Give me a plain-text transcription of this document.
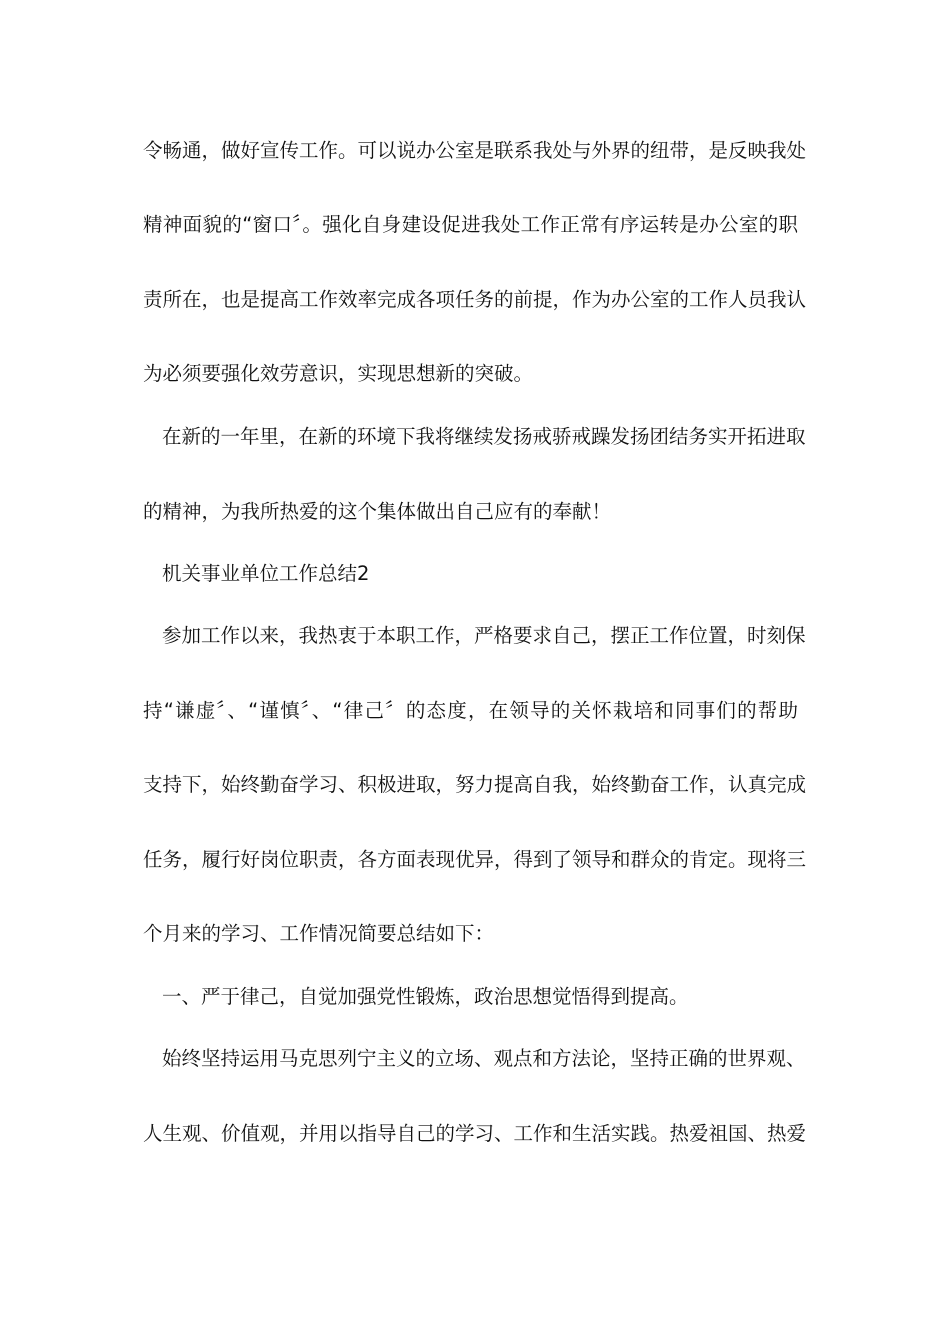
令畅通，做好宣传工作。可以说办公室是联系我处与外界的纽带，是反映我处
精神面貌的“窗口〞。强化自身建设促进我处工作正常有序运转是办公室的职
责所在，也是提高工作效率完成各项任务的前提，作为办公室的工作人员我认
为必须要强化效劳意识，实现思想新的突破。
在新的一年里，在新的环境下我将继续发扬戒骄戒躁发扬团结务实开拓进取
的精神，为我所热爱的这个集体做出自己应有的奉献！
机关事业单位工作总结2
参加工作以来，我热衷于本职工作，严格要求自己，摆正工作位置，时刻保
持“谦虚〞、“谨慎〞、“律己〞的态度，在领导的关怀栽培和同事们的帮助
支持下，始终勤奋学习、积极进取，努力提高自我，始终勤奋工作，认真完成
任务，履行好岗位职责，各方面表现优异，得到了领导和群众的肯定。现将三
个月来的学习、工作情况简要总结如下：
一、严于律己，自觉加强党性锻炼，政治思想觉悟得到提高。
始终坚持运用马克思列宁主义的立场、观点和方法论，坚持正确的世界观、
人生观、价值观，并用以指导自己的学习、工作和生活实践。热爱祖国、热爱
